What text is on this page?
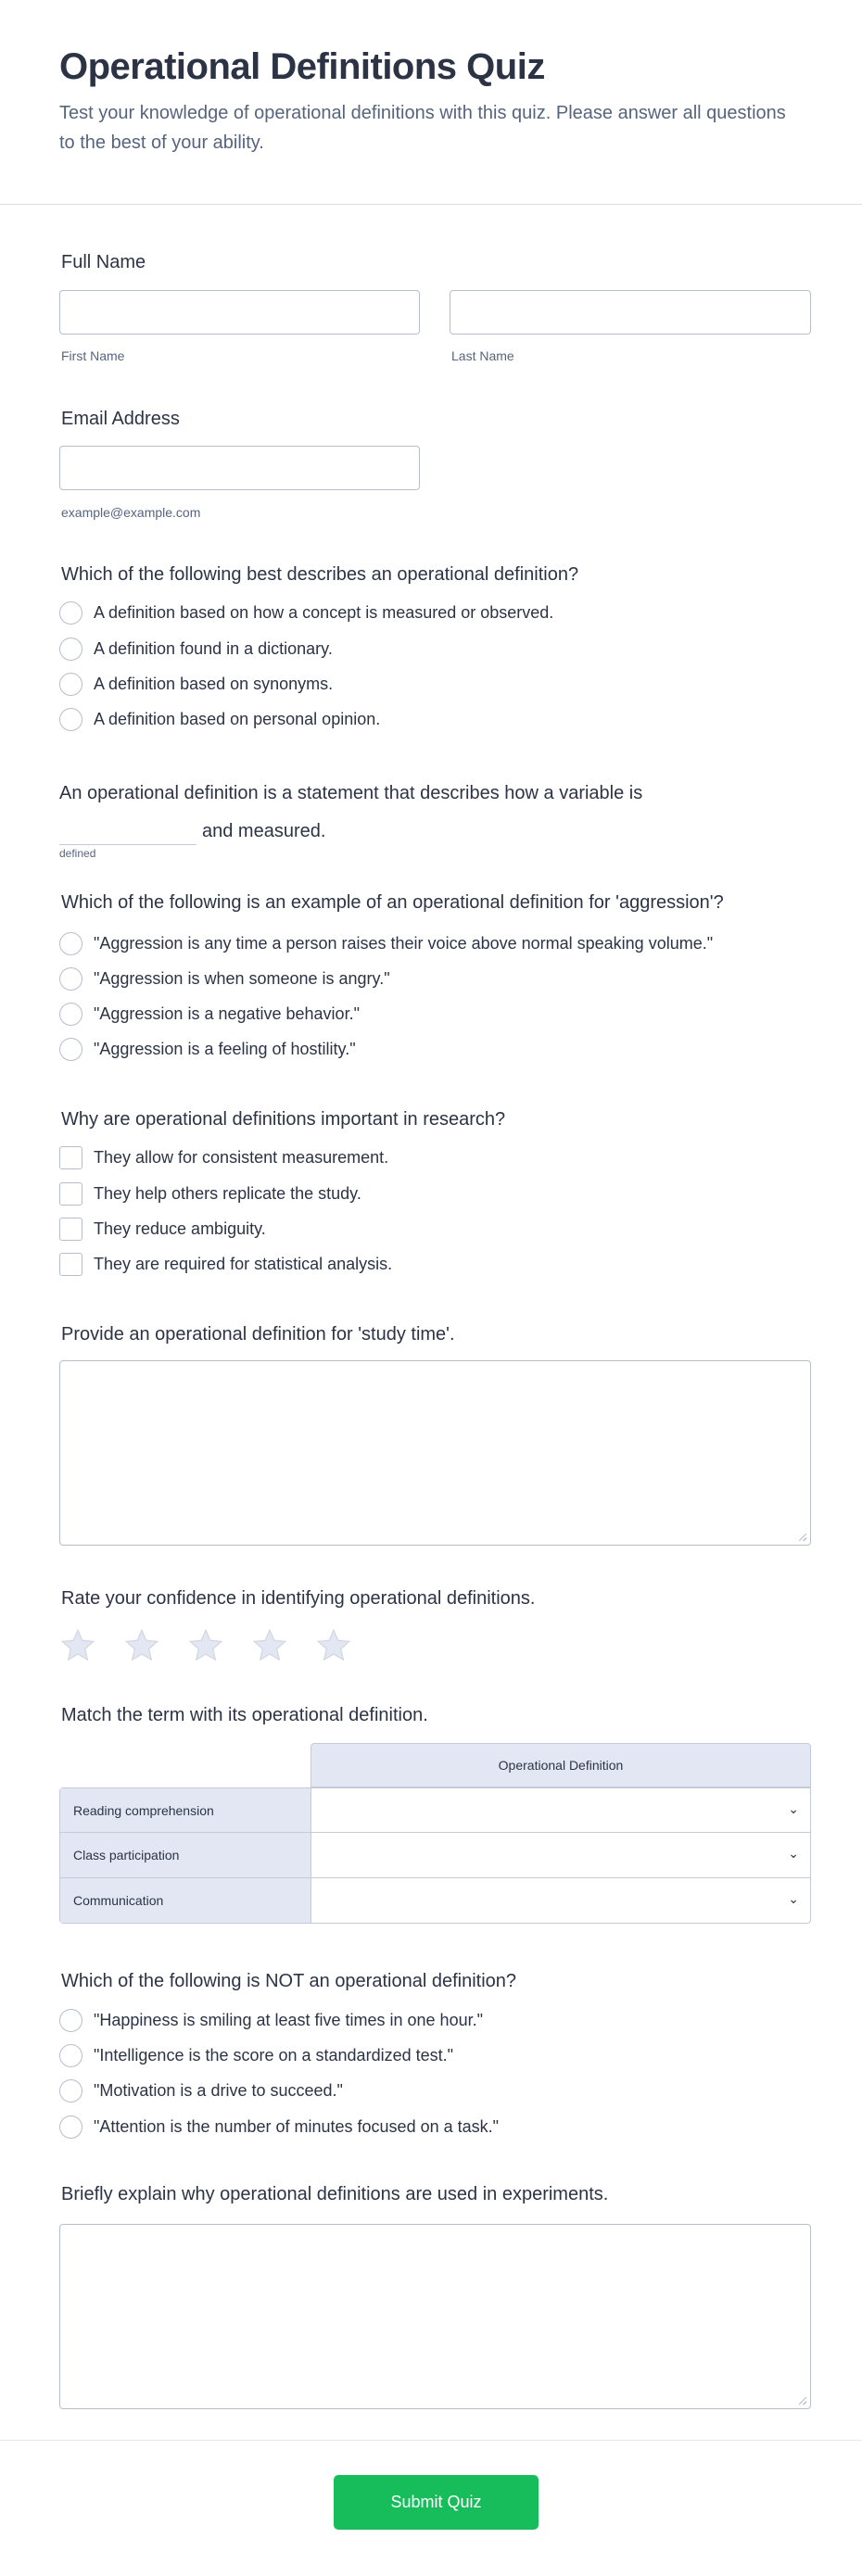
Operational Definitions Quiz
Test your knowledge of operational definitions with this quiz. Please answer all questions to the best of your ability.
Full Name
First Name	Last Name
Email Address
example@example.com
Which of the following best describes an operational definition?
A definition based on how a concept is measured or observed.
A definition found in a dictionary.
A definition based on synonyms.
A definition based on personal opinion.
An operational definition is a statement that describes how a variable is
and measured.
defined
Which of the following is an example of an operational definition for 'aggression'?
"Aggression is any time a person raises their voice above normal speaking volume."
"Aggression is when someone is angry."
"Aggression is a negative behavior."
"Aggression is a feeling of hostility."
Why are operational definitions important in research?
They allow for consistent measurement.
They help others replicate the study.
They reduce ambiguity.
They are required for statistical analysis.
Provide an operational definition for 'study time'.
Rate your confidence in identifying operational definitions.
Match the term with its operational definition.
Operational Definition
Reading comprehension	⌄
Class participation	⌄
Communication	⌄
Which of the following is NOT an operational definition?
"Happiness is smiling at least five times in one hour."
"Intelligence is the score on a standardized test."
"Motivation is a drive to succeed."
"Attention is the number of minutes focused on a task."
Briefly explain why operational definitions are used in experiments.
Submit Quiz
